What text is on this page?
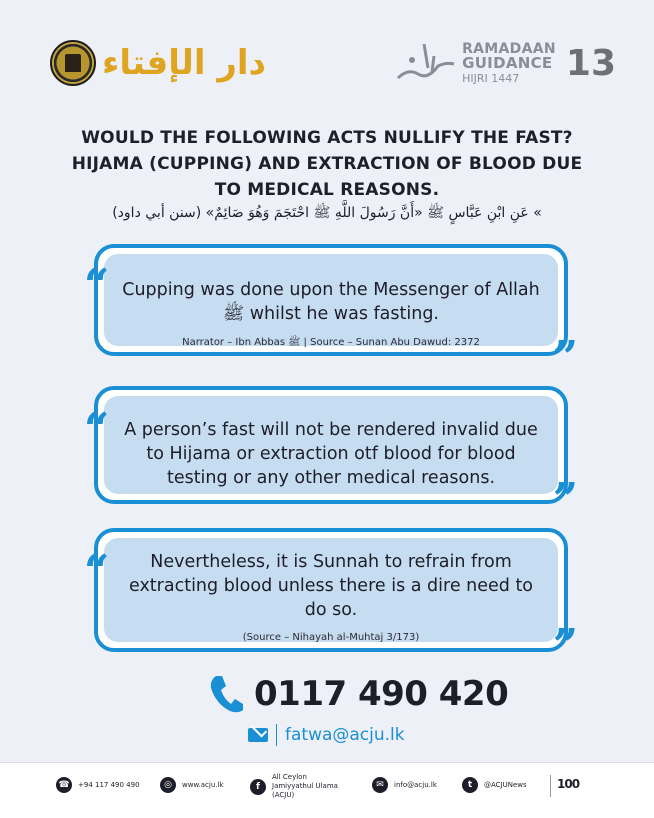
دار الإفتاء	RAMADAAN
GUIDANCE
HIJRI 1447	13
WOULD THE FOLLOWING ACTS NULLIFY THE FAST?
HIJAMA (CUPPING) AND EXTRACTION OF BLOOD DUE
TO MEDICAL REASONS.
» عَنِ ابْنِ عَبَّاسٍ ﷺ «أَنَّ رَسُولَ اللَّهِ ﷺ احْتَجَمَ وَهُوَ صَائِمٌ» (سنن أبي داود)
“ Cupping was done upon the Messenger of Allah ﷺ whilst he was fasting.
Narrator – Ibn Abbas ﷺ | Source – Sunan Abu Dawud: 2372	”
“ A person’s fast will not be rendered invalid due to Hijama or extraction otf blood for blood testing or any other medical reasons.	”
“	Nevertheless, it is Sunnah to refrain from extracting blood unless there is a dire need to do so.
(Source – Nihayah al-Muhtaj 3/173)	”
0117 490 420
fatwa@acju.lk
☎	+94 117 490 490	◎	www.acju.lk	f
All Ceylon Jamiyyathul Ulama (ACJU)
✉	info@acju.lk	t	@ACJUNews	100
